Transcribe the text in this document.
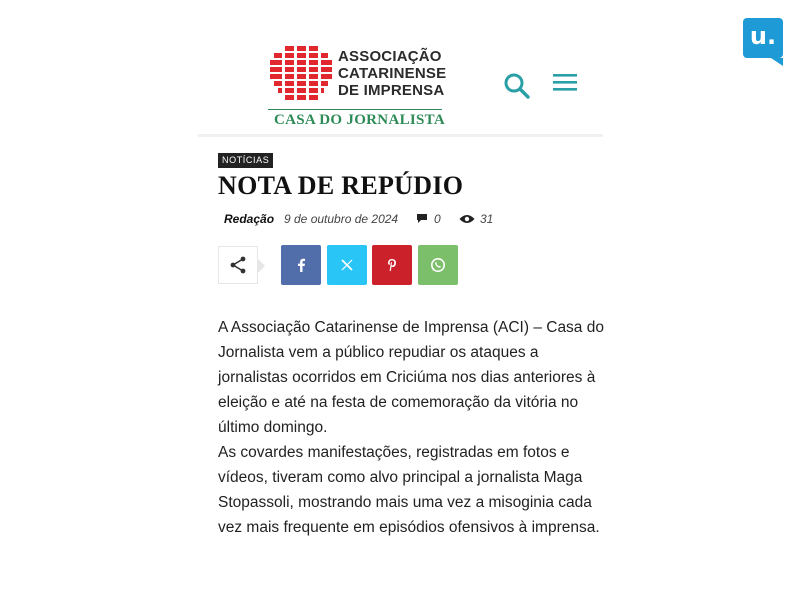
u.
ASSOCIAÇÃO
CATARINENSE
DE IMPRENSA
CASA DO JORNALISTA
NOTÍCIAS
NOTA DE REPÚDIO
Redação 9 de outubro de 2024	0	31

A Associação Catarinense de Imprensa (ACI) – Casa do Jornalista vem a público repudiar os ataques a jornalistas ocorridos em Criciúma nos dias anteriores à eleição e até na festa de comemoração da vitória no último domingo.

As covardes manifestações, registradas em fotos e vídeos, tiveram como alvo principal a jornalista Maga Stopassoli, mostrando mais uma vez a misoginia cada vez mais frequente em episódios ofensivos à imprensa.
